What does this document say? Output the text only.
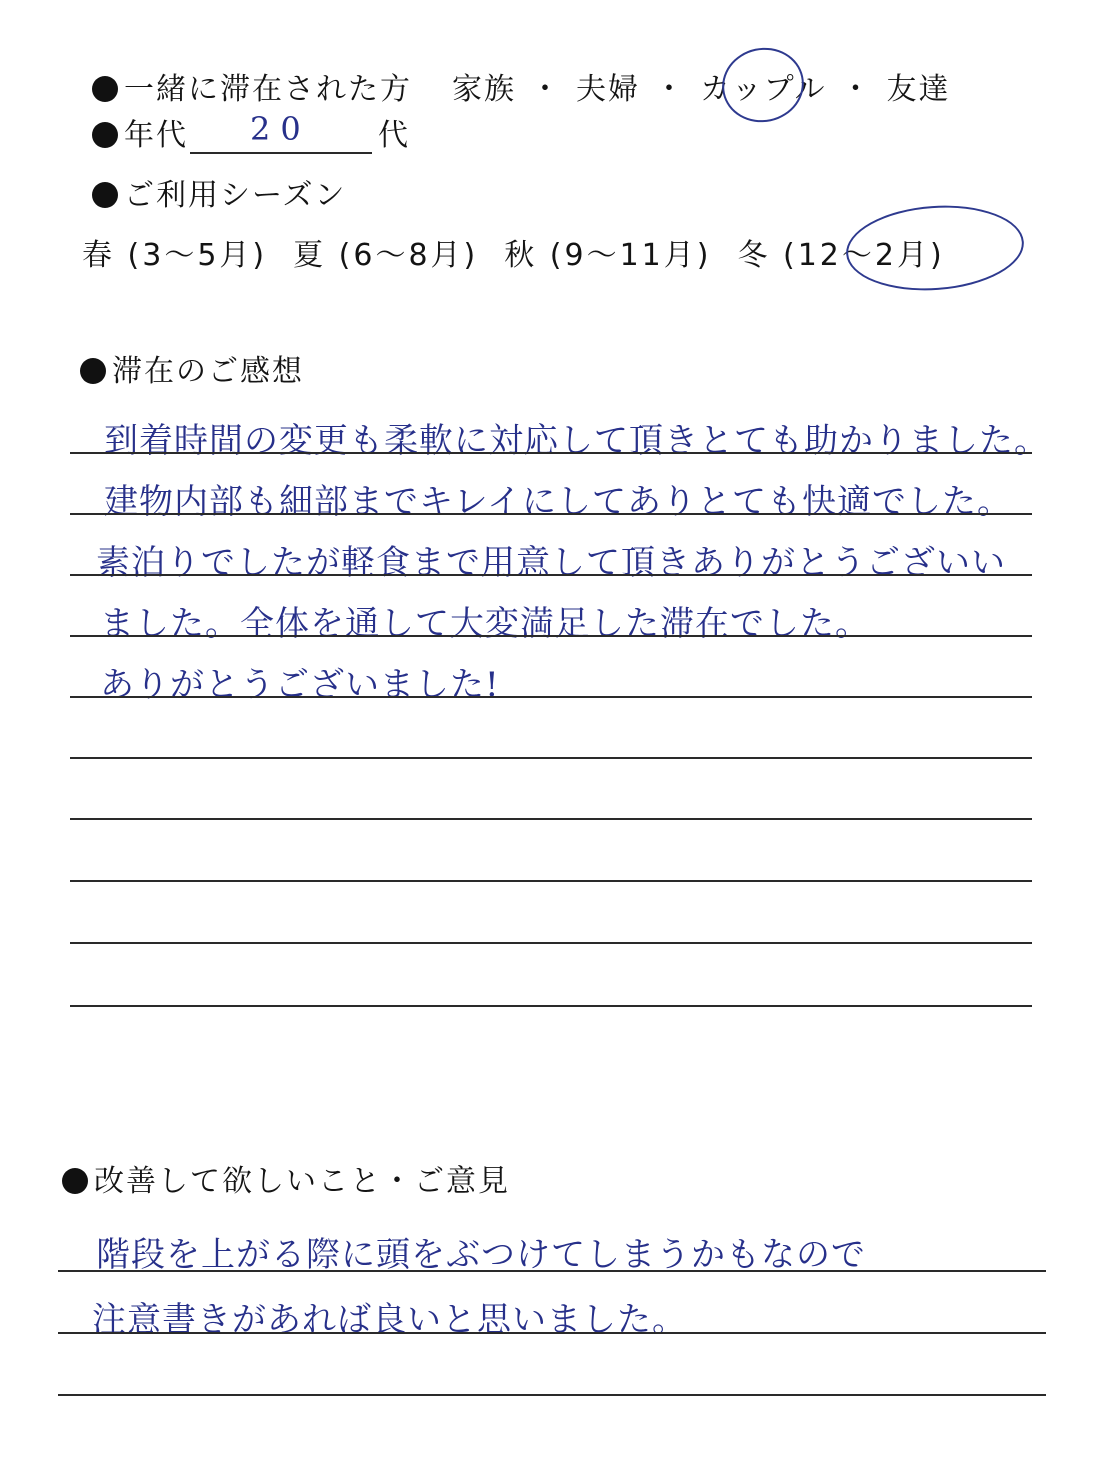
一緒に滞在された方 家族 ・ 夫婦 ・ カップル ・ 友達
年代	代
20
ご利用シーズン
春 (3〜5月) 夏 (6〜8月) 秋 (9〜11月) 冬 (12〜2月)
滞在のご感想
到着時間の変更も柔軟に対応して頂きとても助かりました。
建物内部も細部までキレイにしてありとても快適でした。
素泊りでしたが軽食まで用意して頂きありがとうございい
ました。全体を通して大変満足した滞在でした。
ありがとうございました!
改善して欲しいこと・ご意見
階段を上がる際に頭をぶつけてしまうかもなので
注意書きがあれば良いと思いました。
